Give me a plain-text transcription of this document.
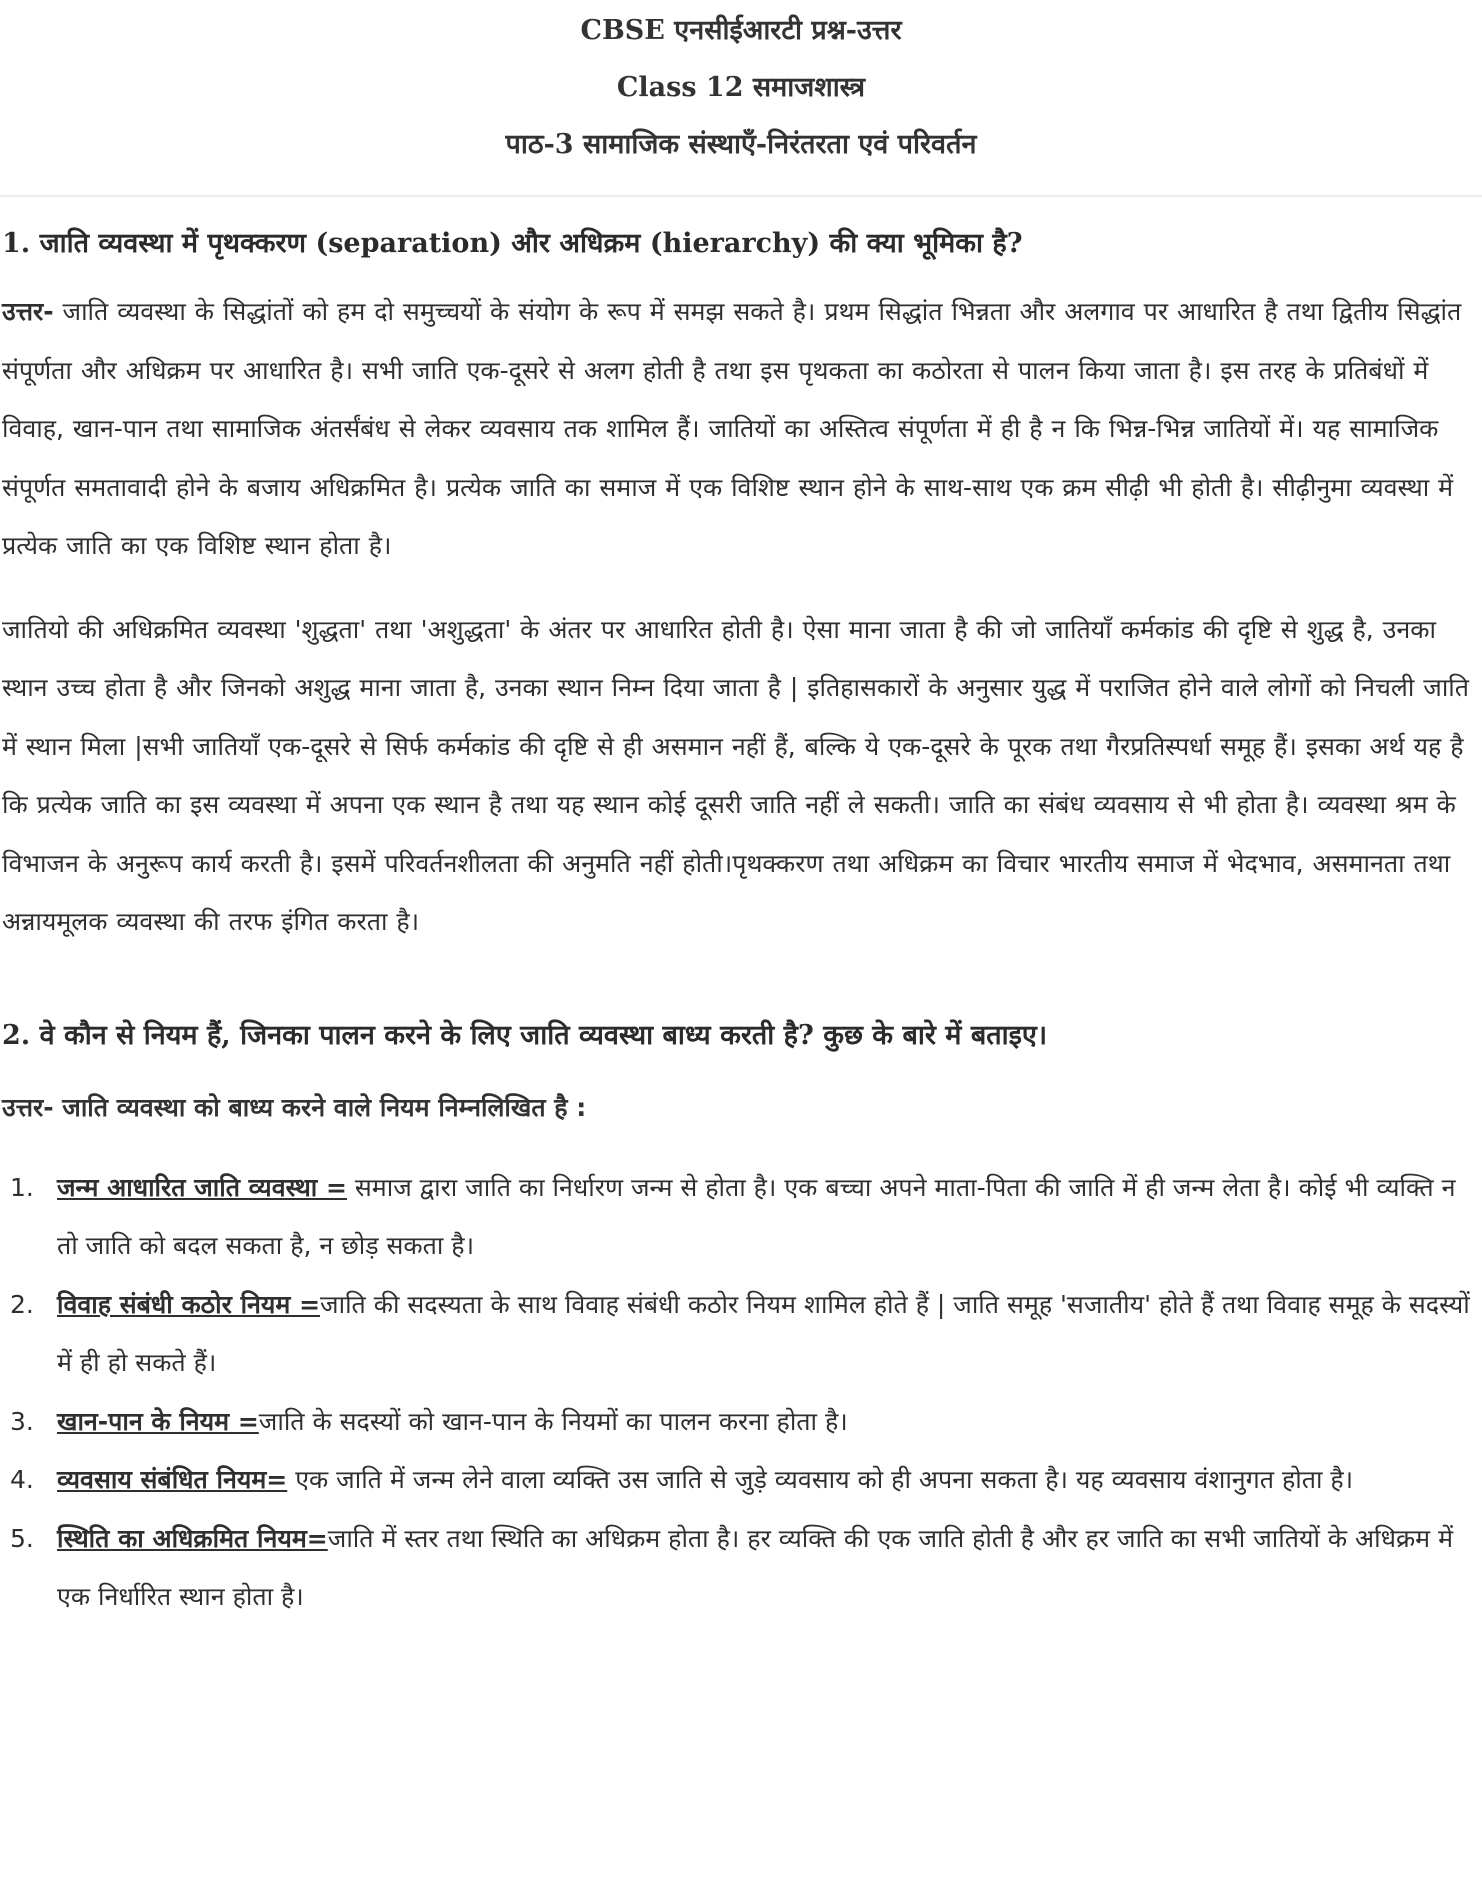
CBSE एनसीईआरटी प्रश्न-उत्तर
Class 12 समाजशास्त्र
पाठ-3 सामाजिक संस्थाएँ-निरंतरता एवं परिवर्तन
1. जाति व्यवस्था में पृथक्करण (separation) और अधिक्रम (hierarchy) की क्या भूमिका है?

उत्तर- जाति व्यवस्था के सिद्धांतों को हम दो समुच्चयों के संयोग के रूप में समझ सकते है। प्रथम सिद्धांत भिन्नता और अलगाव पर आधारित है तथा द्वितीय सिद्धांत संपूर्णता और अधिक्रम पर आधारित है। सभी जाति एक-दूसरे से अलग होती है तथा इस पृथकता का कठोरता से पालन किया जाता है। इस तरह के प्रतिबंधों में विवाह, खान-पान तथा सामाजिक अंतर्संबंध से लेकर व्यवसाय तक शामिल हैं। जातियों का अस्तित्व संपूर्णता में ही है न कि भिन्न-भिन्न जातियों में। यह सामाजिक संपूर्णत समतावादी होने के बजाय अधिक्रमित है। प्रत्येक जाति का समाज में एक विशिष्ट स्थान होने के साथ-साथ एक क्रम सीढ़ी भी होती है। सीढ़ीनुमा व्यवस्था में प्रत्येक जाति का एक विशिष्ट स्थान होता है।

जातियो की अधिक्रमित व्यवस्था 'शुद्धता' तथा 'अशुद्धता' के अंतर पर आधारित होती है। ऐसा माना जाता है की जो जातियाँ कर्मकांड की दृष्टि से शुद्ध है, उनका स्थान उच्च होता है और जिनको अशुद्ध माना जाता है, उनका स्थान निम्न दिया जाता है | इतिहासकारों के अनुसार युद्ध में पराजित होने वाले लोगों को निचली जाति में स्थान मिला |सभी जातियाँ एक-दूसरे से सिर्फ कर्मकांड की दृष्टि से ही असमान नहीं हैं, बल्कि ये एक-दूसरे के पूरक तथा गैरप्रतिस्पर्धा समूह हैं। इसका अर्थ यह है कि प्रत्येक जाति का इस व्यवस्था में अपना एक स्थान है तथा यह स्थान कोई दूसरी जाति नहीं ले सकती। जाति का संबंध व्यवसाय से भी होता है। व्यवस्था श्रम के विभाजन के अनुरूप कार्य करती है। इसमें परिवर्तनशीलता की अनुमति नहीं होती।पृथक्करण तथा अधिक्रम का विचार भारतीय समाज में भेदभाव, असमानता तथा अन्नायमूलक व्यवस्था की तरफ इंगित करता है।

2. वे कौन से नियम हैं, जिनका पालन करने के लिए जाति व्यवस्था बाध्य करती है? कुछ के बारे में बताइए।

उत्तर- जाति व्यवस्था को बाध्य करने वाले नियम निम्नलिखित है :

1. जन्म आधारित जाति व्यवस्था = समाज द्वारा जाति का निर्धारण जन्म से होता है। एक बच्चा अपने माता-पिता की जाति में ही जन्म लेता है। कोई भी व्यक्ति न तो जाति को बदल सकता है, न छोड़ सकता है।
2. विवाह संबंधी कठोर नियम =जाति की सदस्यता के साथ विवाह संबंधी कठोर नियम शामिल होते हैं | जाति समूह 'सजातीय' होते हैं तथा विवाह समूह के सदस्यों में ही हो सकते हैं।
3. खान-पान के नियम =जाति के सदस्यों को खान-पान के नियमों का पालन करना होता है।
4. व्यवसाय संबंधित नियम= एक जाति में जन्म लेने वाला व्यक्ति उस जाति से जुड़े व्यवसाय को ही अपना सकता है। यह व्यवसाय वंशानुगत होता है।
5. स्थिति का अधिक्रमित नियम=जाति में स्तर तथा स्थिति का अधिक्रम होता है। हर व्यक्ति की एक जाति होती है और हर जाति का सभी जातियों के अधिक्रम में एक निर्धारित स्थान होता है।
